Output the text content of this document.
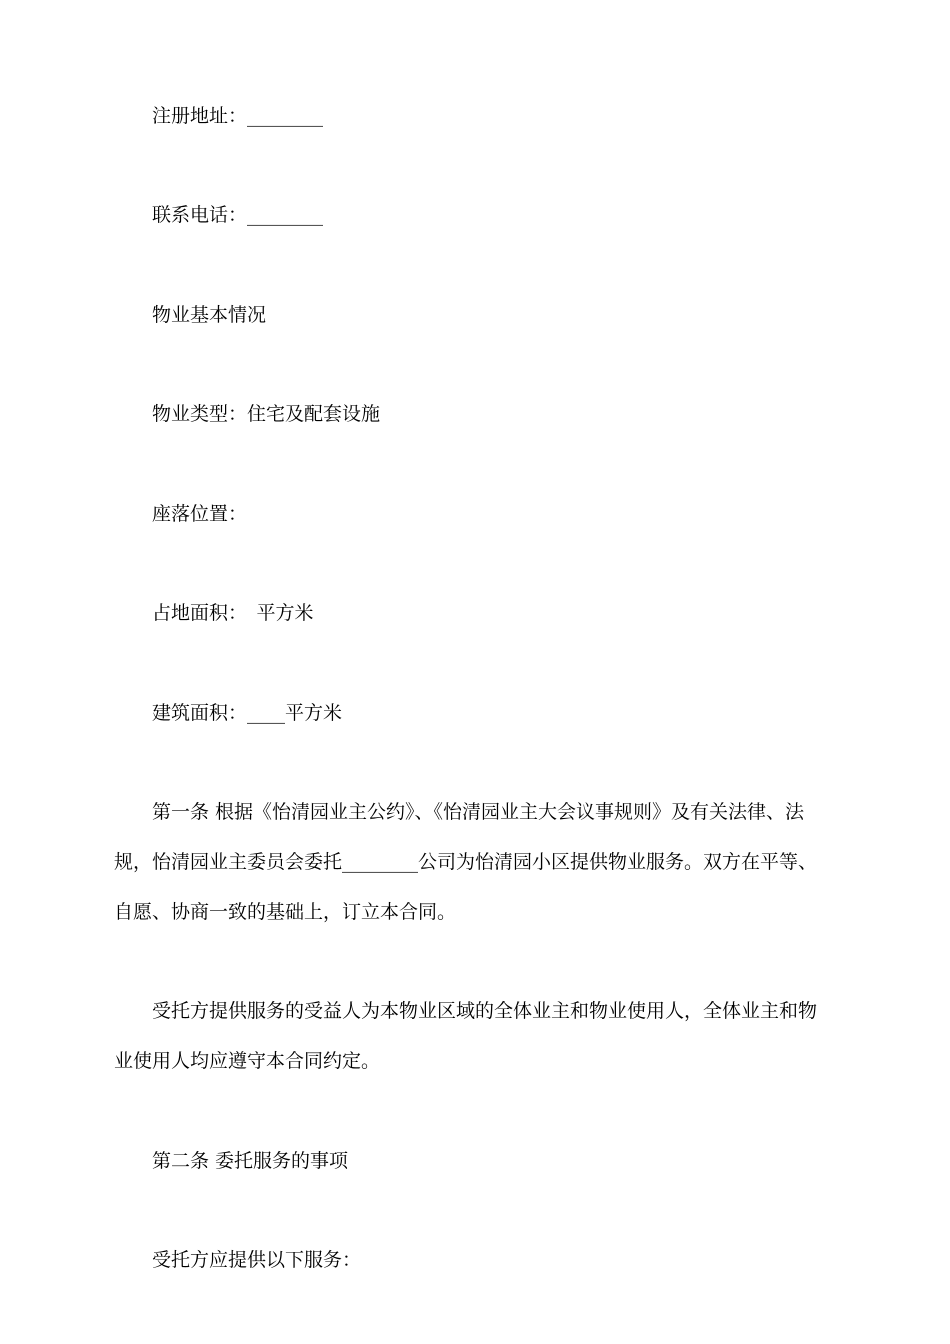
注册地址：________
联系电话：________
物业基本情况
物业类型：住宅及配套设施
座落位置：
占地面积：　平方米
建筑面积：____平方米
第一条 根据《怡清园业主公约》、《怡清园业主大会议事规则》及有关法律、法
规，怡清园业主委员会委托________公司为怡清园小区提供物业服务。双方在平等、
自愿、协商一致的基础上，订立本合同。
受托方提供服务的受益人为本物业区域的全体业主和物业使用人，全体业主和物
业使用人均应遵守本合同约定。
第二条 委托服务的事项
受托方应提供以下服务：
